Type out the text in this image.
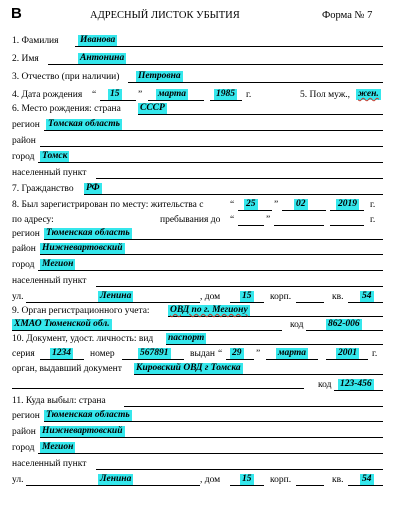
В	АДРЕСНЫЙ ЛИСТОК УБЫТИЯ	Форма № 7
1. Фамилия Иванова
2. Имя	Антонина
3. Отчество (при наличии) Петровна
4. Дата рождения “ 15 ” марта	1985 г.	5. Пол муж., жен.
6. Место рождения: страна СССР
регион Томская область
район
город Томск
населенный пункт
7. Гражданство РФ
8. Был зарегистрирован по месту: жительства с	“ 25 ” 02	2019 г.
по адресу:	пребывания до “	”	г.
регион Тюменская область
район Нижневартовский
город Мегион
населенный пункт
ул.	Ленина	, дом 15 корп.	кв. 54
9. Орган регистрационного учета: ОВД по г. Мегиону
ХМАО Тюменской обл.	код	862-006
10. Документ, удост. личность: вид паспорт
серия 1234 номер	567891 выдан “ 29 ” марта	2001 г.
орган, выдавший документ Кировский ОВД г Томска
код 123-456
11. Куда выбыл: страна
регион Тюменская область
район Нижневартовский
город Мегион
населенный пункт
ул.	Ленина	, дом 15 корп.	кв. 54
